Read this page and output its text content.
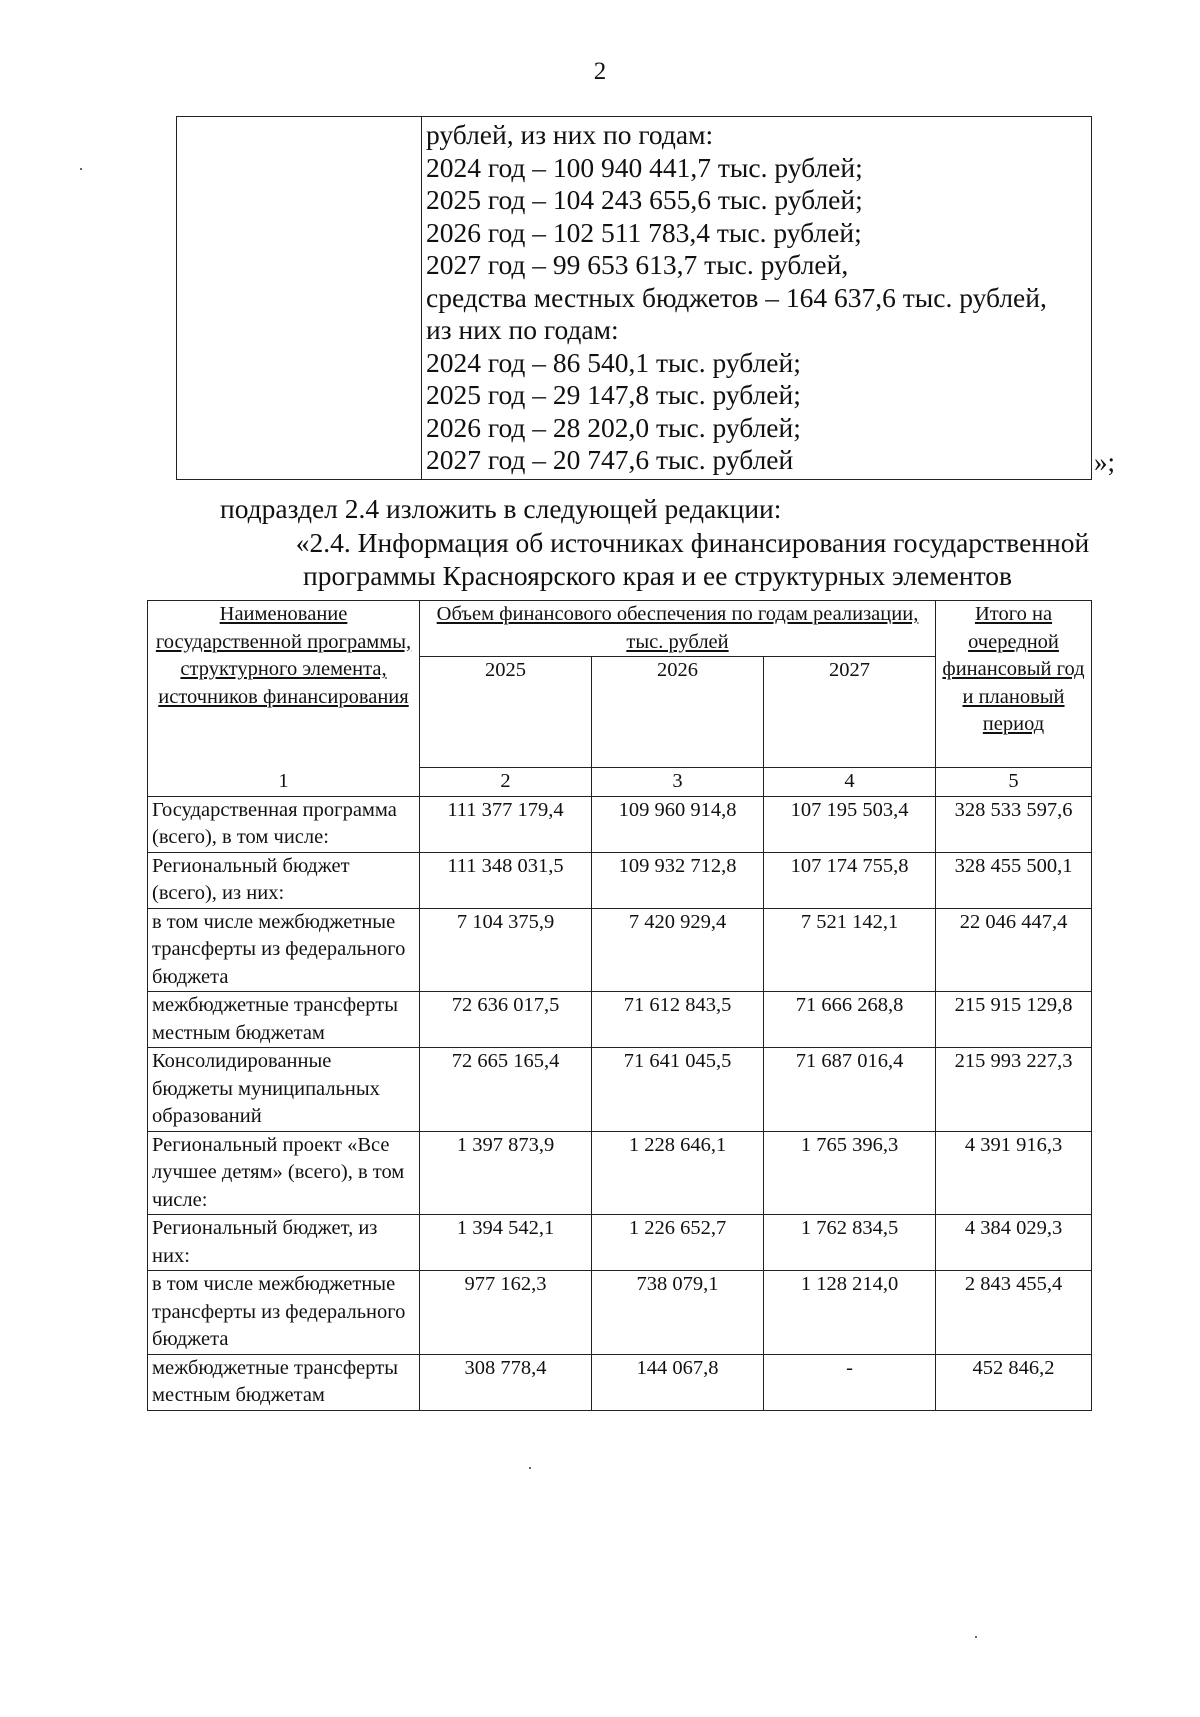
2

рублей, из них по годам:
2024 год – 100 940 441,7 тыс. рублей;
2025 год – 104 243 655,6 тыс. рублей;
2026 год – 102 511 783,4 тыс. рублей;
2027 год – 99 653 613,7 тыс. рублей,
средства местных бюджетов – 164 637,6 тыс. рублей,
из них по годам:
2024 год – 86 540,1 тыс. рублей;
2025 год – 29 147,8 тыс. рублей;
2026 год – 28 202,0 тыс. рублей;
2027 год – 20 747,6 тыс. рублей	»;
подраздел 2.4 изложить в следующей редакции:
«2.4. Информация об источниках финансирования государственной
программы Красноярского края и ее структурных элементов
Наименование государственной программы, структурного элемента, источников финансирования	Объем финансового обеспечения по годам реализации, тыс. рублей			Итого на очередной финансовый год и плановый период
	2025	2026	2027	
1	2	3	4	5
Государственная программа (всего), в том числе:	111 377 179,4	109 960 914,8	107 195 503,4	328 533 597,6
Региональный бюджет (всего), из них:	111 348 031,5	109 932 712,8	107 174 755,8	328 455 500,1
в том числе межбюджетные трансферты из федерального бюджета	7 104 375,9	7 420 929,4	7 521 142,1	22 046 447,4
межбюджетные трансферты местным бюджетам	72 636 017,5	71 612 843,5	71 666 268,8	215 915 129,8
Консолидированные бюджеты муниципальных образований	72 665 165,4	71 641 045,5	71 687 016,4	215 993 227,3
Региональный проект «Все лучшее детям» (всего), в том числе:	1 397 873,9	1 228 646,1	1 765 396,3	4 391 916,3
Региональный бюджет, из них:	1 394 542,1	1 226 652,7	1 762 834,5	4 384 029,3
в том числе межбюджетные трансферты из федерального бюджета	977 162,3	738 079,1	1 128 214,0	2 843 455,4
межбюджетные трансферты местным бюджетам	308 778,4	144 067,8	-	452 846,2
